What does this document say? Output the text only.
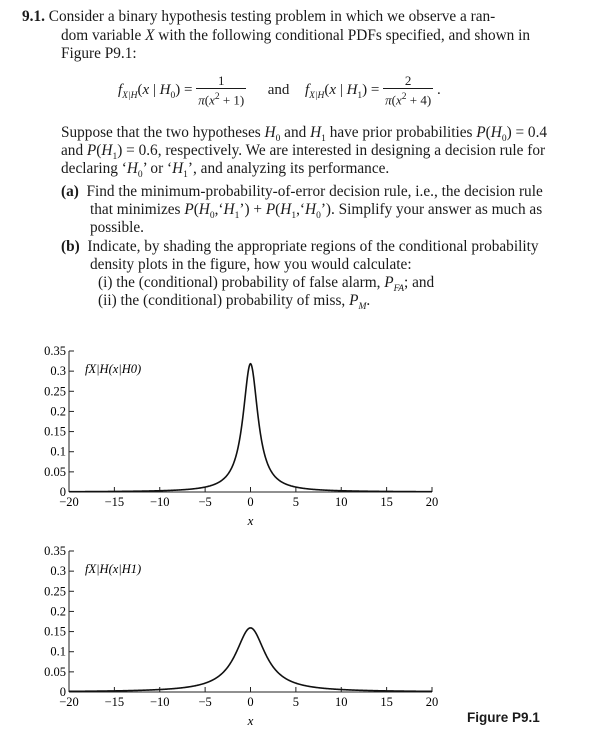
9.1. Consider a binary hypothesis testing problem in which we observe a ran-
dom variable X with the following conditional PDFs specified, and shown in
Figure P9.1:
$f_{X|H}(x$ | $H_0) = \frac{1}{\pi(x^2 + 1)}$ and  $f_{X|H}(x$ | $H_1) = \frac{2}{\pi(x^2 + 4)}$ .
Suppose that the two hypotheses $H_0$ and $H_1$ have prior probabilities $P(H_0) = 0.4$
and $P(H_1) = 0.6$, respectively. We are interested in designing a decision rule for
declaring ‘$H_0$’ or ‘$H_1$’, and analyzing its performance.
(a)  Find the minimum-probability-of-error decision rule, i.e., the decision rule
that minimizes $P(H_0,‘H_1’)$ + $P(H_1,‘H_0’)$. Simplify your answer as much as
possible.
(b)  Indicate, by shading the appropriate regions of the conditional probability
density plots in the figure, how you would calculate:
(i) the (conditional) probability of false alarm, $P_{FA}$; and
(ii) the (conditional) probability of miss, $P_M$.
0
0.05
0.1
0.15
0.2
0.25
0.3
0.35
−20 −15 −10 −5	0	5	10	15	20
x
fX|H(x|H0)
0
0.05
0.1
0.15
0.2
0.25
0.3
0.35
−20 −15 −10 −5	0	5	10	15	20
x
fX|H(x|H1)
Figure P9.1
